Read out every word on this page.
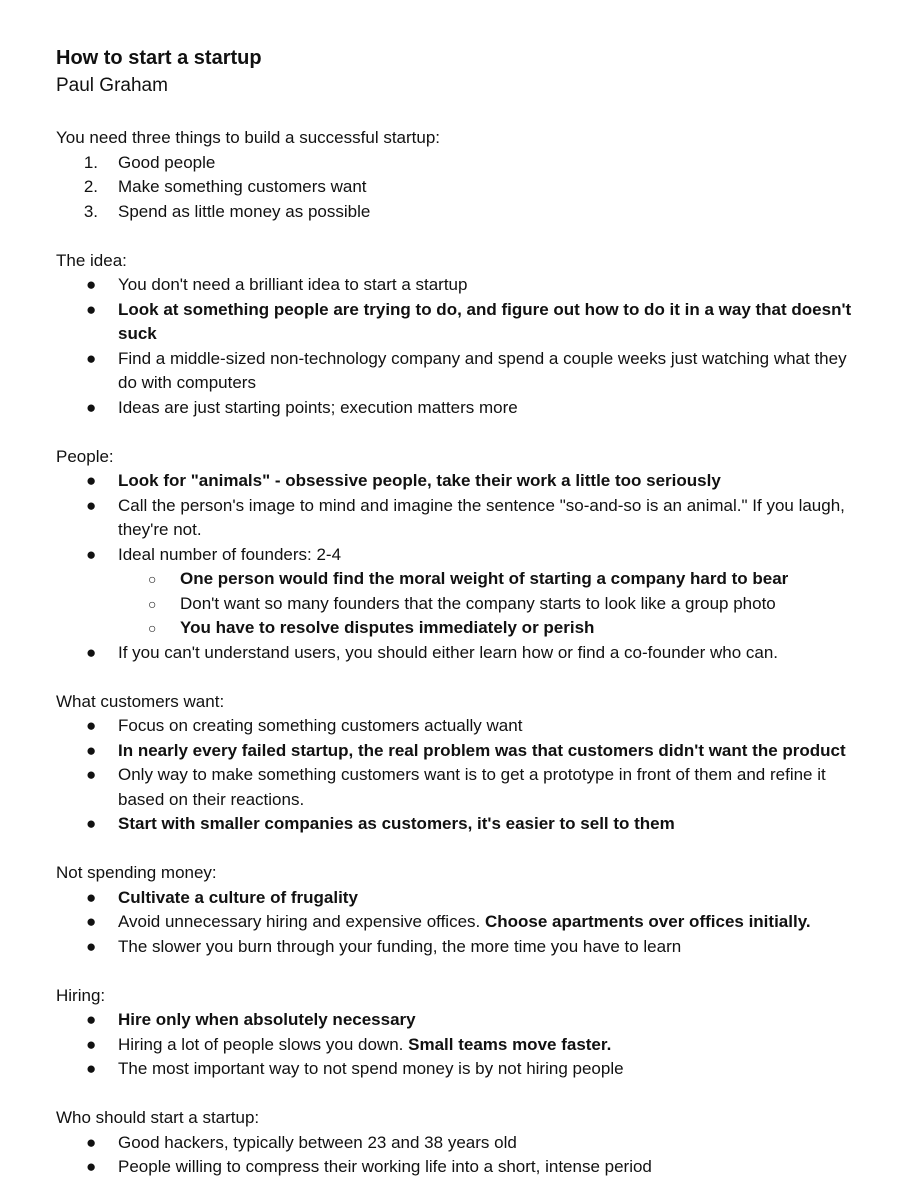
How to start a startup

Paul Graham

You need three things to build a successful startup:

1. Good people
2. Make something customers want
3. Spend as little money as possible

The idea:

●	You don't need a brilliant idea to start a startup
●	Look at something people are trying to do, and figure out how to do it in a way that doesn't suck
●	Find a middle-sized non-technology company and spend a couple weeks just watching what they do with computers
●	Ideas are just starting points; execution matters more

People:

●	Look for "animals" - obsessive people, take their work a little too seriously
●	Call the person's image to mind and imagine the sentence "so-and-so is an animal." If you laugh, they're not.
●	Ideal number of founders: 2-4
○	One person would find the moral weight of starting a company hard to bear
○	Don't want so many founders that the company starts to look like a group photo
○	You have to resolve disputes immediately or perish
●	If you can't understand users, you should either learn how or find a co-founder who can.

What customers want:

●	Focus on creating something customers actually want
●	In nearly every failed startup, the real problem was that customers didn't want the product
●	Only way to make something customers want is to get a prototype in front of them and refine it based on their reactions.
●	Start with smaller companies as customers, it's easier to sell to them

Not spending money:

●	Cultivate a culture of frugality
●	Avoid unnecessary hiring and expensive offices. Choose apartments over offices initially.
●	The slower you burn through your funding, the more time you have to learn

Hiring:

●	Hire only when absolutely necessary
●	Hiring a lot of people slows you down. Small teams move faster.
●	The most important way to not spend money is by not hiring people

Who should start a startup:

●	Good hackers, typically between 23 and 38 years old
●	People willing to compress their working life into a short, intense period
